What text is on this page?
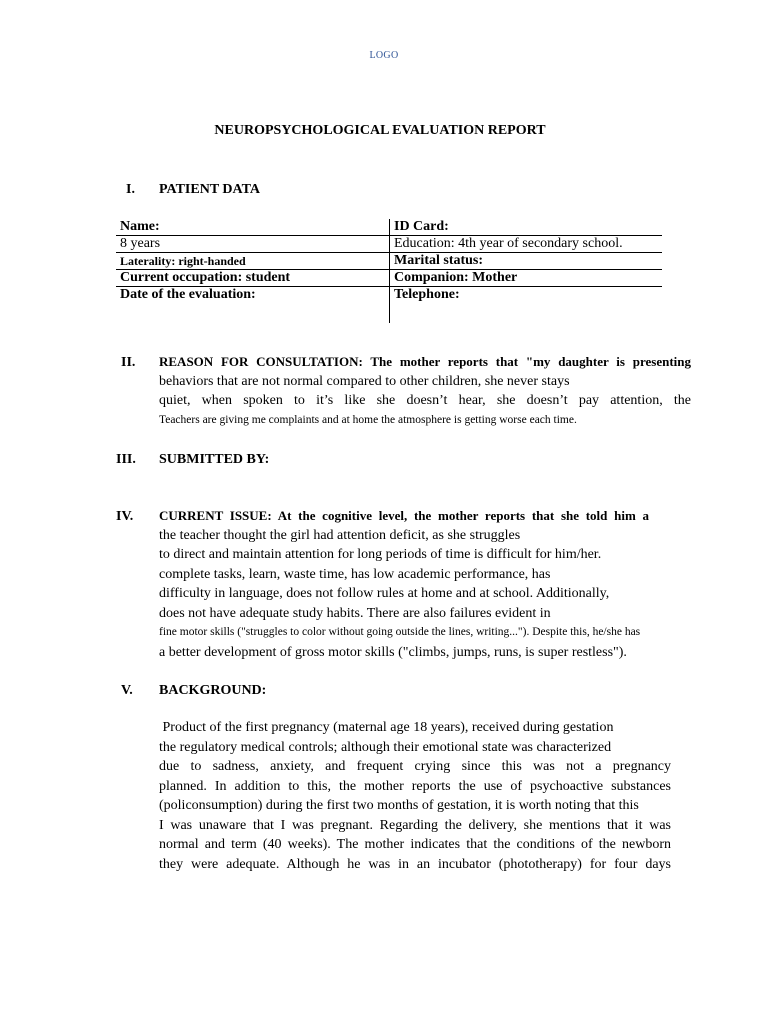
LOGO
NEUROPSYCHOLOGICAL EVALUATION REPORT
I. PATIENT DATA
Name:	ID Card:
8 years	Education: 4th year of secondary school.
Laterality: right-handed	Marital status:
Current occupation: student	Companion: Mother
Date of the evaluation:	Telephone:
II. REASON FOR CONSULTATION: The mother reports that "my daughter is presenting
behaviors that are not normal compared to other children, she never stays
quiet, when spoken to it’s like she doesn’t hear, she doesn’t pay attention, the
Teachers are giving me complaints and at home the atmosphere is getting worse each time.
III. SUBMITTED BY:
IV. CURRENT ISSUE: At the cognitive level, the mother reports that she told him a
the teacher thought the girl had attention deficit, as she struggles
to direct and maintain attention for long periods of time is difficult for him/her.
complete tasks, learn, waste time, has low academic performance, has
difficulty in language, does not follow rules at home and at school. Additionally,
does not have adequate study habits. There are also failures evident in
fine motor skills ("struggles to color without going outside the lines, writing..."). Despite this, he/she has
a better development of gross motor skills ("climbs, jumps, runs, is super restless").
V. BACKGROUND:
Product of the first pregnancy (maternal age 18 years), received during gestation
the regulatory medical controls; although their emotional state was characterized
due to sadness, anxiety, and frequent crying since this was not a pregnancy
planned. In addition to this, the mother reports the use of psychoactive substances
(policonsumption) during the first two months of gestation, it is worth noting that this
I was unaware that I was pregnant. Regarding the delivery, she mentions that it was
normal and term (40 weeks). The mother indicates that the conditions of the newborn
they were adequate. Although he was in an incubator (phototherapy) for four days
